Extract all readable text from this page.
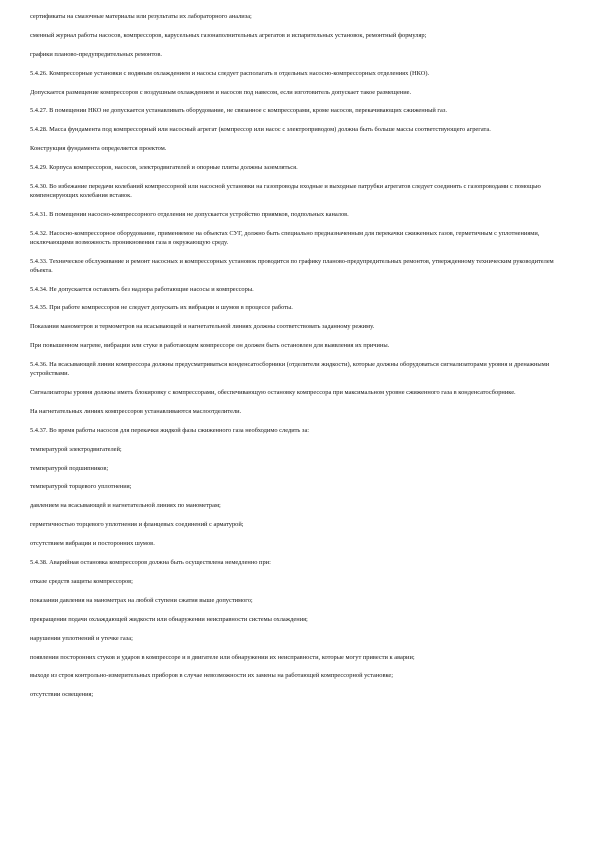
сертификаты на смазочные материалы или результаты их лабораторного анализа;

сменный журнал работы насосов, компрессоров, карусельных газонаполнительных агрегатов и испарительных установок, ремонтный формуляр;

графики планово-предупредительных ремонтов.

5.4.26. Компрессорные установки с водяным охлаждением и насосы следует располагать в отдельных насосно-компрессорных отделениях (НКО).

Допускается размещение компрессоров с воздушным охлаждением и насосов под навесом, если изготовитель допускает такое размещение.

5.4.27. В помещении НКО не допускается устанавливать оборудование, не связанное с компрессорами, кроме насосов, перекачивающих сжиженный газ.

5.4.28. Масса фундамента под компрессорный или насосный агрегат (компрессор или насос с электроприводом) должна быть больше массы соответствующего агрегата.

Конструкция фундамента определяется проектом.

5.4.29. Корпуса компрессоров, насосов, электродвигателей и опорные плиты должны заземляться.

5.4.30. Во избежание передачи колебаний компрессорной или насосной установки на газопроводы входные и выходные патрубки агрегатов следует соединять с газопроводами с помощью компенсирующих колебания вставок.

5.4.31. В помещении насосно-компрессорного отделения не допускается устройство приямков, подпольных каналов.

5.4.32. Насосно-компрессорное оборудование, применяемое на объектах СУГ, должно быть специально предназначенным для перекачки сжиженных газов, герметичным с уплотнениями, исключающими возможность проникновения газа в окружающую среду.

5.4.33. Техническое обслуживание и ремонт насосных и компрессорных установок проводится по графику планово-предупредительных ремонтов, утвержденному техническим руководителем объекта.

5.4.34. Не допускается оставлять без надзора работающие насосы и компрессоры.

5.4.35. При работе компрессоров не следует допускать их вибрации и шумов в процессе работы.

Показания манометров и термометров на всасывающей и нагнетательной линиях должны соответствовать заданному режиму.

При повышенном нагреве, вибрации или стуке в работающем компрессоре он должен быть остановлен для выявления их причины.

5.4.36. На всасывающей линии компрессора должны предусматриваться конденсатосборники (отделители жидкости), которые должны оборудоваться сигнализаторами уровня и дренажными устройствами.

Сигнализаторы уровня должны иметь блокировку с компрессорами, обеспечивающую остановку компрессора при максимальном уровне сжиженного газа в конденсатосборнике.

На нагнетательных линиях компрессоров устанавливаются маслоотделители.

5.4.37. Во время работы насосов для перекачки жидкой фазы сжиженного газа необходимо следить за:

температурой электродвигателей;

температурой подшипников;

температурой торцевого уплотнения;

давлением на всасывающей и нагнетательной линиях по манометрам;

герметичностью торцевого уплотнения и фланцевых соединений с арматурой;

отсутствием вибрации и посторонних шумов.

5.4.38. Аварийная остановка компрессоров должна быть осуществлена немедленно при:

отказе средств защиты компрессоров;

показании давления на манометрах на любой ступени сжатия выше допустимого;

прекращении подачи охлаждающей жидкости или обнаружении неисправности системы охлаждения;

нарушении уплотнений и утечке газа;

появлении посторонних стуков и ударов в компрессоре и в двигателе или обнаружении их неисправности, которые могут привести к аварии;

выходе из строя контрольно-измерительных приборов в случае невозможности их замены на работающей компрессорной установке;

отсутствии освещения;
